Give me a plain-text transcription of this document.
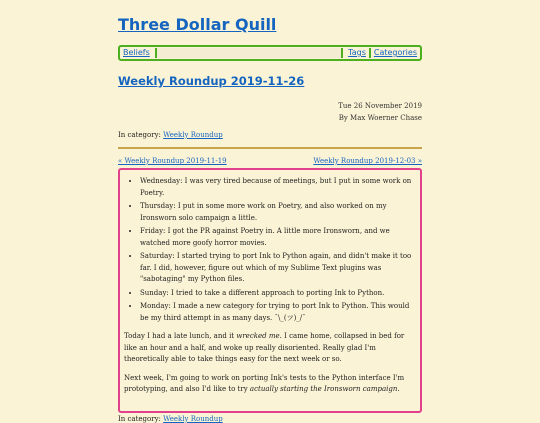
Three Dollar Quill
Beliefs	Tags	Categories
Weekly Roundup 2019-11-26
Tue 26 November 2019
By Max Woerner Chase
In category: Weekly Roundup
« Weekly Roundup 2019-11-19	Weekly Roundup 2019-12-03 »
• Wednesday: I was very tired because of meetings, but I put in some work on Poetry.
• Thursday: I put in some more work on Poetry, and also worked on my Ironsworn solo campaign a little.
• Friday: I got the PR against Poetry in. A little more Ironsworn, and we watched more goofy horror movies.
• Saturday: I started trying to port Ink to Python again, and didn't make it too far. I did, however, figure out which of my Sublime Text plugins was "sabotaging" my Python files.
• Sunday: I tried to take a different approach to porting Ink to Python.
• Monday: I made a new category for trying to port Ink to Python. This would be my third attempt in as many days. ¯\_(ツ)_/¯

Today I had a late lunch, and it wrecked me. I came home, collapsed in bed for like an hour and a half, and woke up really disoriented. Really glad I'm theoretically able to take things easy for the next week or so.

Next week, I'm going to work on porting Ink's tests to the Python interface I'm prototyping, and also I'd like to try actually starting the Ironsworn campaign.

In category: Weekly Roundup
